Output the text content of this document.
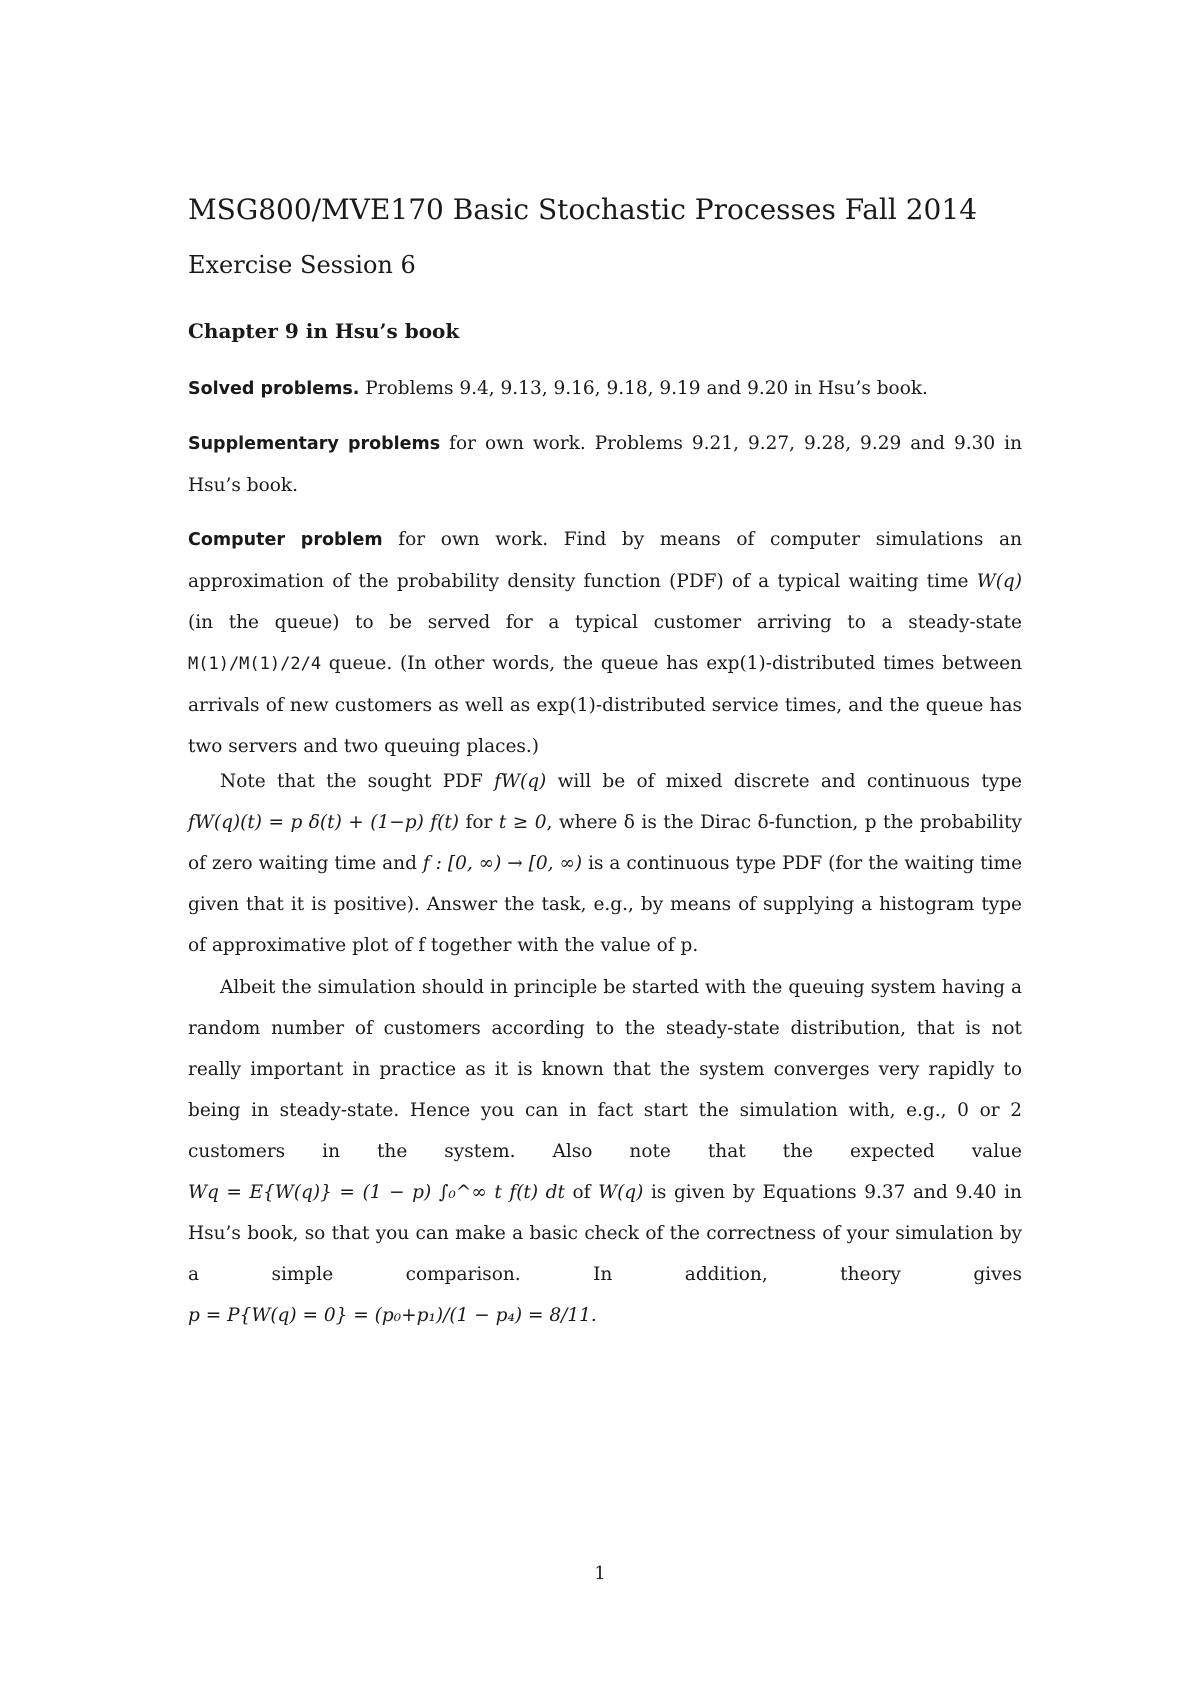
MSG800/MVE170 Basic Stochastic Processes Fall 2014
Exercise Session 6
Chapter 9 in Hsu’s book
Solved problems. Problems 9.4, 9.13, 9.16, 9.18, 9.19 and 9.20 in Hsu’s book.
Supplementary problems for own work. Problems 9.21, 9.27, 9.28, 9.29 and 9.30 in Hsu’s book.
Computer problem for own work. Find by means of computer simulations an approximation of the probability density function (PDF) of a typical waiting time W(q) (in the queue) to be served for a typical customer arriving to a steady-state M(1)/M(1)/2/4 queue. (In other words, the queue has exp(1)-distributed times between arrivals of new customers as well as exp(1)-distributed service times, and the queue has two servers and two queuing places.)
Note that the sought PDF fW(q) will be of mixed discrete and continuous type fW(q)(t) = p δ(t) + (1−p) f(t) for t ≥ 0, where δ is the Dirac δ-function, p the probability of zero waiting time and f : [0, ∞) → [0, ∞) is a continuous type PDF (for the waiting time given that it is positive). Answer the task, e.g., by means of supplying a histogram type of approximative plot of f together with the value of p.
Albeit the simulation should in principle be started with the queuing system having a random number of customers according to the steady-state distribution, that is not really important in practice as it is known that the system converges very rapidly to being in steady-state. Hence you can in fact start the simulation with, e.g., 0 or 2 customers in the system. Also note that the expected value Wq = E{W(q)} = (1 − p) ∫₀^∞ t f(t) dt of W(q) is given by Equations 9.37 and 9.40 in Hsu’s book, so that you can make a basic check of the correctness of your simulation by a simple comparison. In addition, theory gives p = P{W(q) = 0} = (p₀+p₁)/(1 − p₄) = 8/11.
1
